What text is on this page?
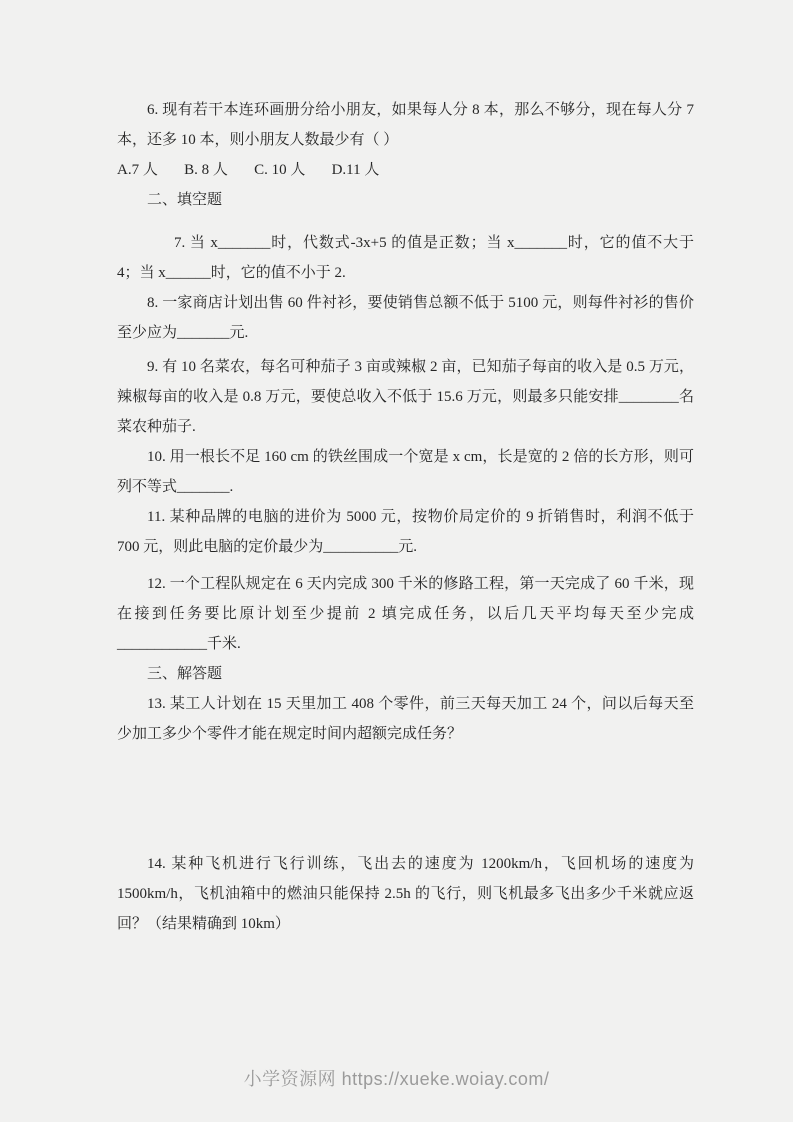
6. 现有若干本连环画册分给小朋友，如果每人分 8 本，那么不够分，现在每人分 7 本，还多 10 本，则小朋友人数最少有（ ）

A.7 人       B. 8 人       C. 10 人       D.11 人

二、填空题

7. 当 x_______时，代数式-3x+5 的值是正数；当 x_______时，它的值不大于 4；当 x______时，它的值不小于 2.

8. 一家商店计划出售 60 件衬衫，要使销售总额不低于 5100 元，则每件衬衫的售价至少应为_______元.

9. 有 10 名菜农，每名可种茄子 3 亩或辣椒 2 亩，已知茄子每亩的收入是 0.5 万元，辣椒每亩的收入是 0.8 万元，要使总收入不低于 15.6 万元，则最多只能安排________名菜农种茄子.

10. 用一根长不足 160 cm 的铁丝围成一个宽是 x cm，长是宽的 2 倍的长方形，则可列不等式_______.

11. 某种品牌的电脑的进价为 5000 元，按物价局定价的 9 折销售时，利润不低于 700 元，则此电脑的定价最少为__________元.

12. 一个工程队规定在 6 天内完成 300 千米的修路工程，第一天完成了 60 千米，现在接到任务要比原计划至少提前 2 填完成任务，以后几天平均每天至少完成____________千米.

三、解答题

13. 某工人计划在 15 天里加工 408 个零件，前三天每天加工 24 个，问以后每天至少加工多少个零件才能在规定时间内超额完成任务？

14. 某种飞机进行飞行训练，飞出去的速度为 1200km/h，飞回机场的速度为 1500km/h，飞机油箱中的燃油只能保持 2.5h 的飞行，则飞机最多飞出多少千米就应返回？（结果精确到 10km）

小学资源网 https://xueke.woiay.com/
